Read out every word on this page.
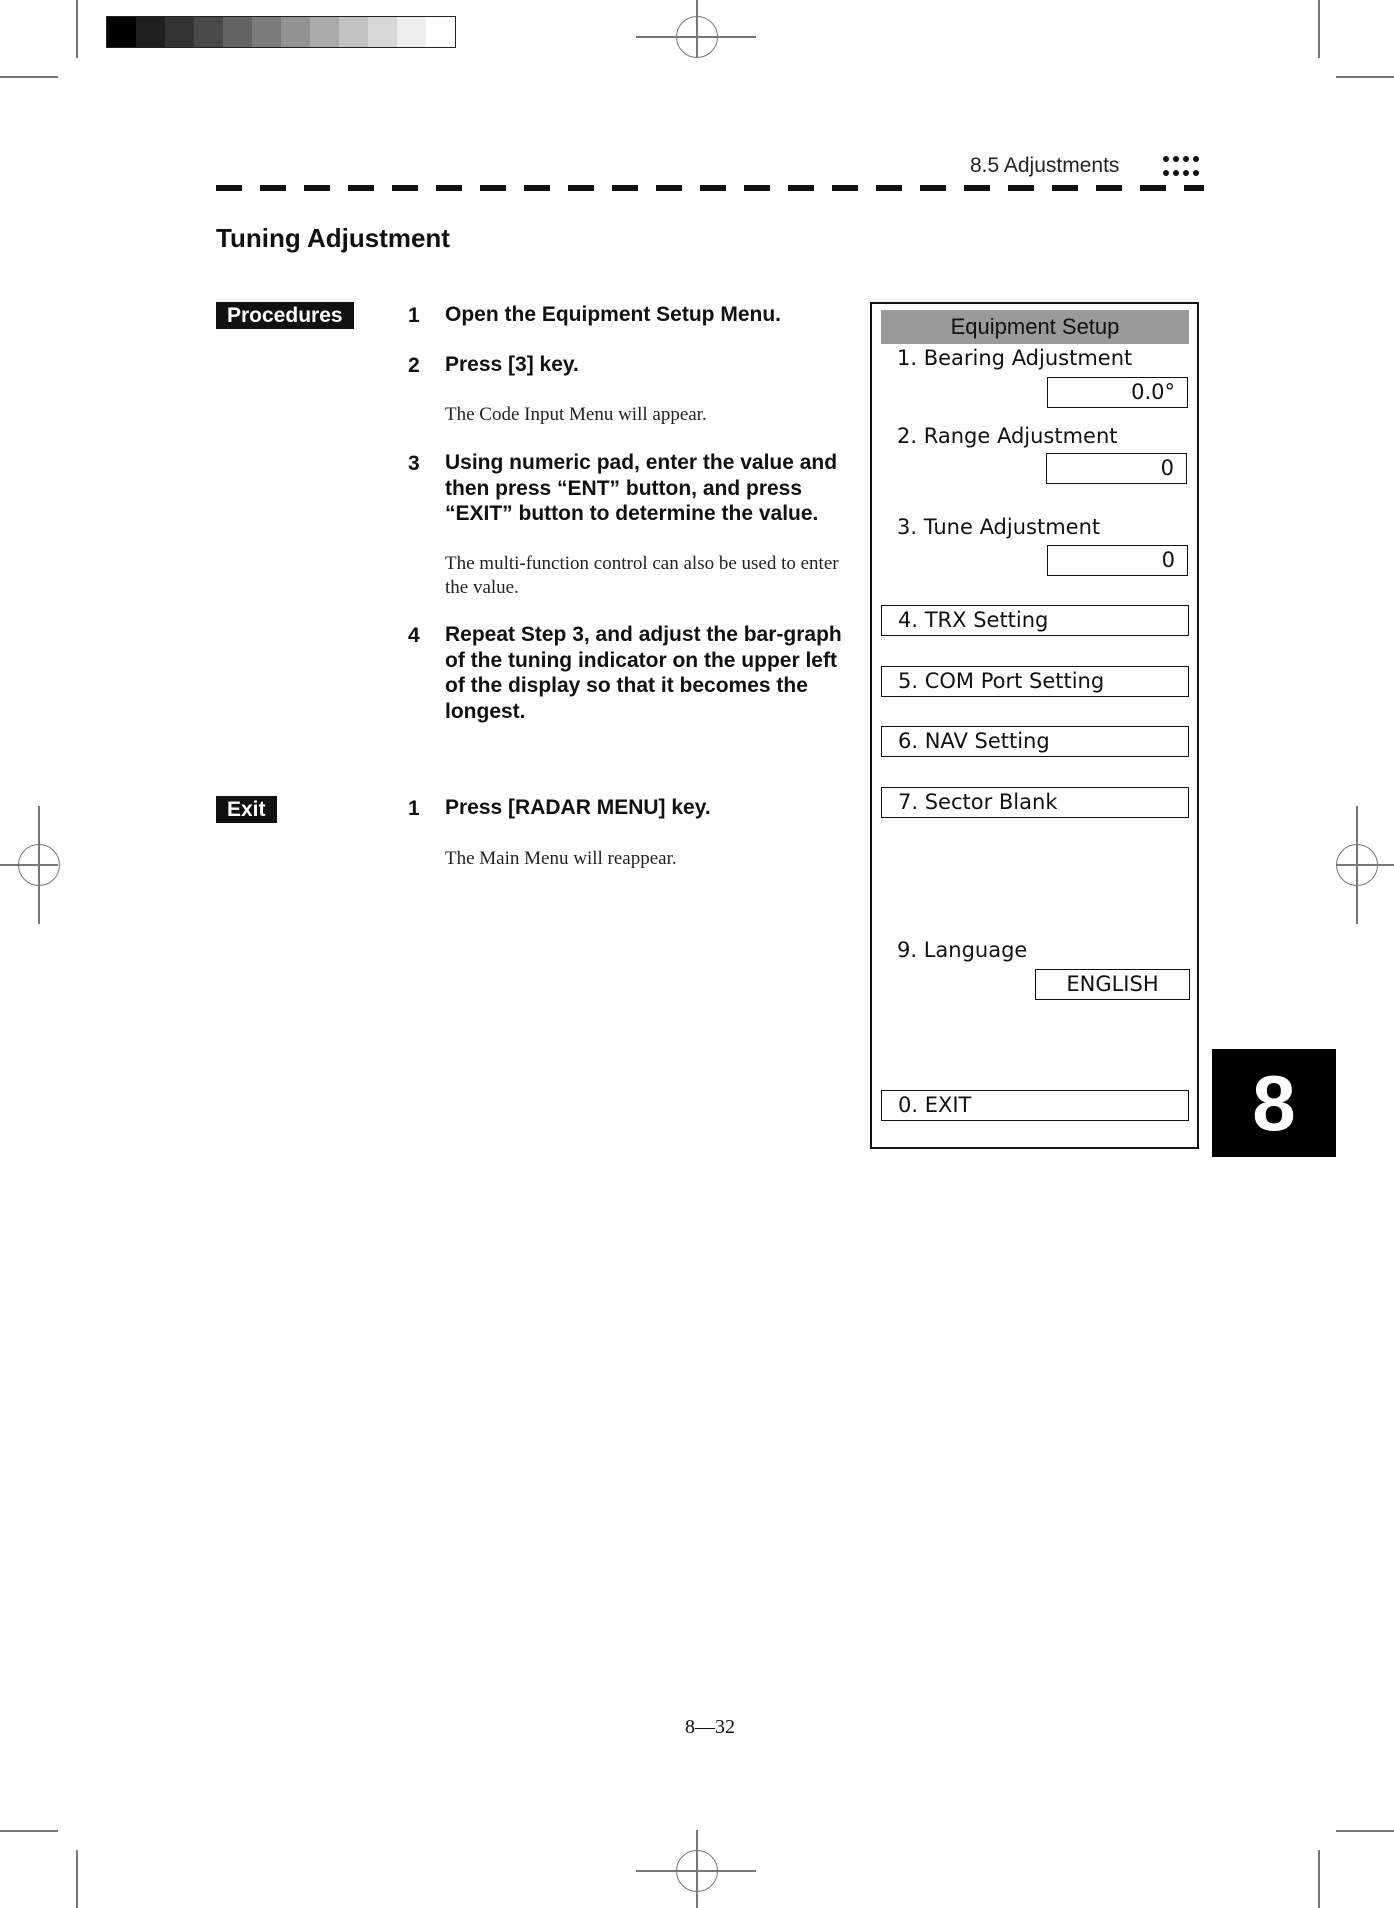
8.5 Adjustments
Tuning Adjustment
Procedures	1 Open the Equipment Setup Menu.
2 Press [3] key.
The Code Input Menu will appear.
3 Using numeric pad, enter the value and then press “ENT” button, and press “EXIT” button to determine the value.
The multi-function control can also be used to enter the value.
4 Repeat Step 3, and adjust the bar-graph of the tuning indicator on the upper left of the display so that it becomes the longest.
Exit	1 Press [RADAR MENU] key.
The Main Menu will reappear.
Equipment Setup
1. Bearing Adjustment
0.0°
2. Range Adjustment
0
3. Tune Adjustment
0
4. TRX Setting
5. COM Port Setting
6. NAV Setting
7. Sector Blank
9. Language
ENGLISH
0. EXIT	8
8—32
